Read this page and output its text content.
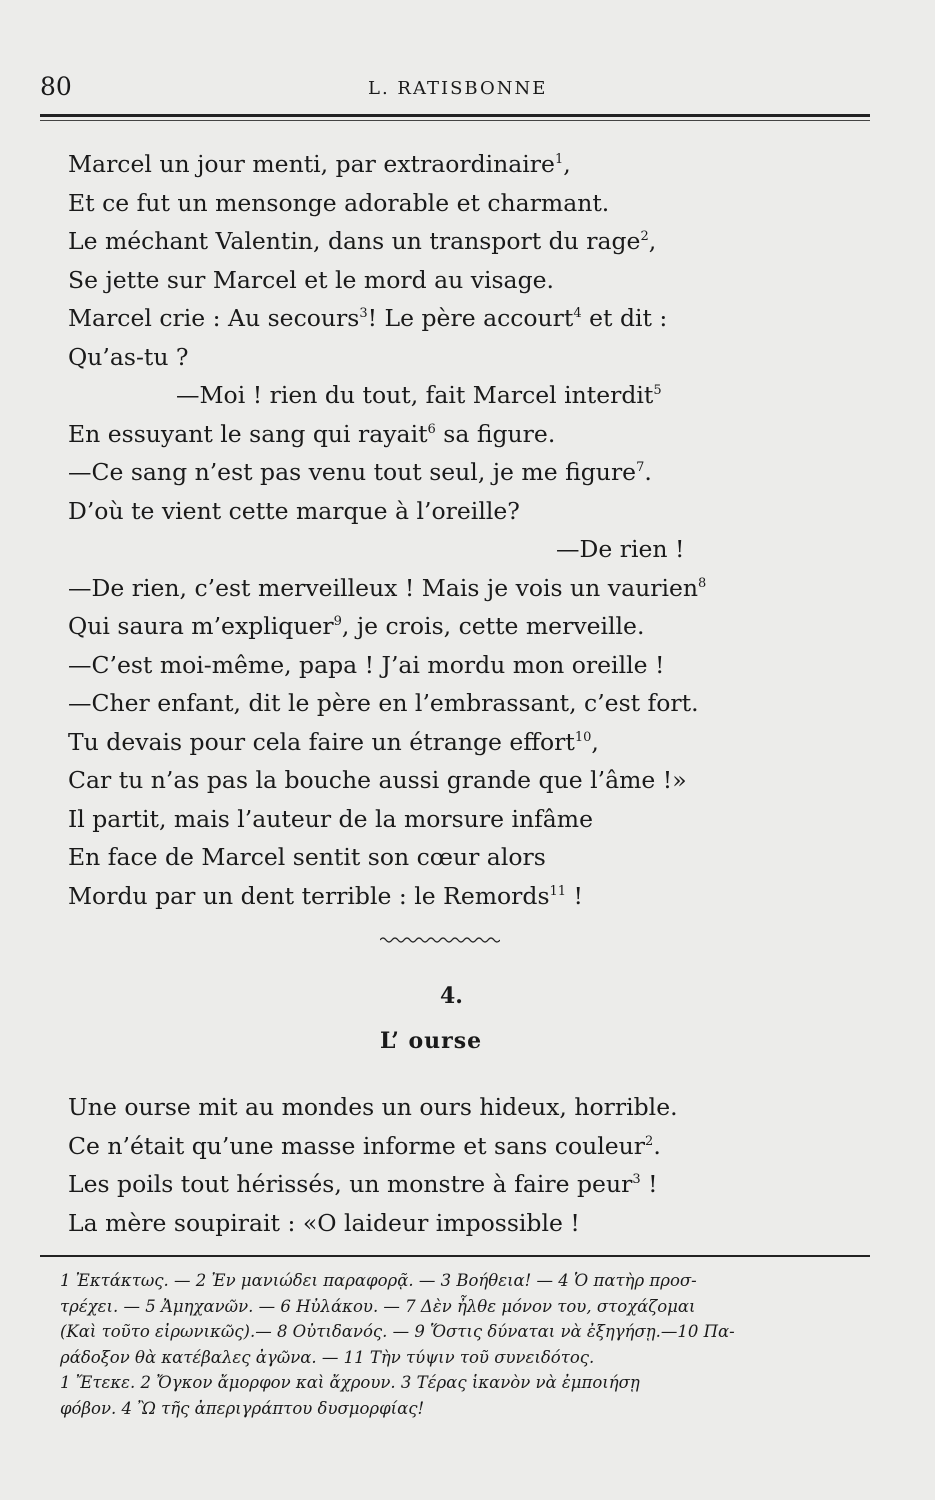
80	L. RATISBONNE
Marcel un jour menti, par extraordinaire$^1$,
Et ce fut un mensonge adorable et charmant.
Le méchant Valentin, dans un transport du rage$^2$,
Se jette sur Marcel et le mord au visage.
Marcel crie : Au secours$^3$! Le père accourt$^4$ et dit :
Qu’as-tu ?
—Moi ! rien du tout, fait Marcel interdit$^5$
En essuyant le sang qui rayait$^6$ sa figure.
—Ce sang n’est pas venu tout seul, je me figure$^7$.
D’où te vient cette marque à l’oreille?
—De rien !
—De rien, c’est merveilleux ! Mais je vois un vaurien$^8$
Qui saura m’expliquer$^9$, je crois, cette merveille.
—C’est moi-même, papa ! J’ai mordu mon oreille !
—Cher enfant, dit le père en l’embrassant, c’est fort.
Tu devais pour cela faire un étrange effort$^{10}$,
Car tu n’as pas la bouche aussi grande que l’âme !»
Il partit, mais l’auteur de la morsure infâme
En face de Marcel sentit son cœur alors
Mordu par un dent terrible : le Remords$^{11}$ !
4.
L’ ourse
Une ourse mit au mondes un ours hideux, horrible.
Ce n’était qu’une masse informe et sans couleur$^2$.
Les poils tout hérissés, un monstre à faire peur$^3$ !
La mère soupirait : «O laideur impossible !
1 Ἐκτάκτως. — 2 Ἐν μανιώδει παραφορᾷ. — 3 Βοήθεια! — 4 Ὁ πατὴρ προσ-
τρέχει. — 5 Ἀμηχανῶν. — 6 Ηὐλάκου. — 7 Δὲν ἦλθε μόνον του, στοχάζομαι
(Καὶ τοῦτο εἰρωνικῶς).— 8 Οὐτιδανός. — 9 Ὅστις δύναται νὰ ἐξηγήσῃ.—10 Πα-
ράδοξον θὰ κατέβαλες ἀγῶνα. — 11 Τὴν τύψιν τοῦ συνειδότος.
1 Ἔτεκε. 2 Ὄγκον ἄμορφον καὶ ἄχρουν. 3 Τέρας ἱκανὸν νὰ ἐμποιήσῃ
φόβον. 4 Ὢ τῆς ἀπεριγράπτου δυσμορφίας!
